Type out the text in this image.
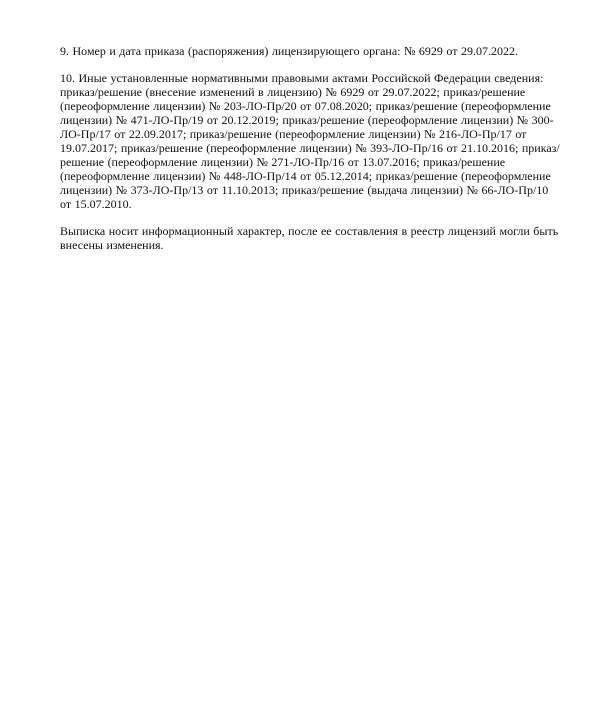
9. Номер и дата приказа (распоряжения) лицензирующего органа: № 6929 от 29.07.2022.

10. Иные установленные нормативными правовыми актами Российской Федерации сведения: приказ/решение (внесение изменений в лицензию) № 6929 от 29.07.2022; приказ/решение (переоформление лицензии) № 203-ЛО-Пр/20 от 07.08.2020; приказ/решение (переоформление лицензии) № 471-ЛО-Пр/19 от 20.12.2019; приказ/решение (переоформление лицензии) № 300-ЛО-Пр/17 от 22.09.2017; приказ/решение (переоформление лицензии) № 216-ЛО-Пр/17 от 19.07.2017; приказ/решение (переоформление лицензии) № 393-ЛО-Пр/16 от 21.10.2016; приказ/решение (переоформление лицензии) № 271-ЛО-Пр/16 от 13.07.2016; приказ/решение (переоформление лицензии) № 448-ЛО-Пр/14 от 05.12.2014; приказ/решение (переоформление лицензии) № 373-ЛО-Пр/13 от 11.10.2013; приказ/решение (выдача лицензии) № 66-ЛО-Пр/10 от 15.07.2010.

Выписка носит информационный характер, после ее составления в реестр лицензий могли быть внесены изменения.
